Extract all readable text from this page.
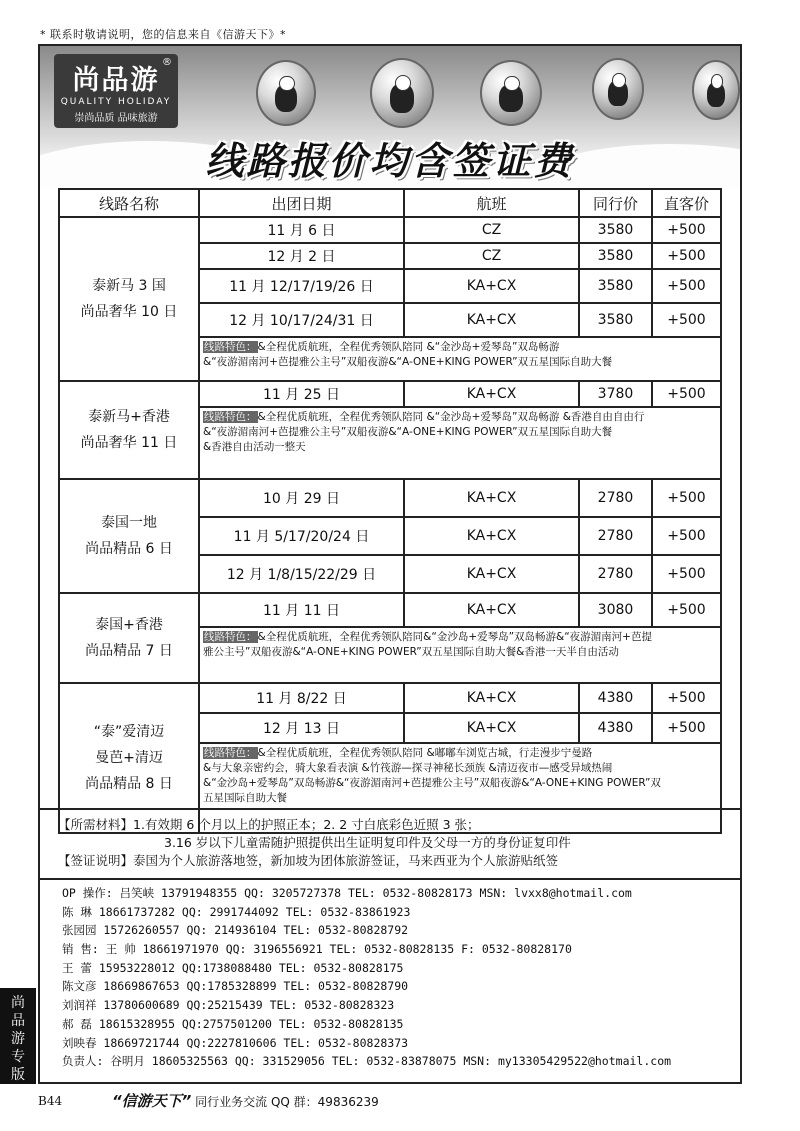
* 联系时敬请说明，您的信息来自《信游天下》*
尚品游
®
QUALITY HOLIDAY
崇尚品质 品味旅游
线路报价均含签证费
线路名称	出团日期	航班	同行价	直客价

泰新马 3 国
尚品奢华 10 日	11 月 6 日	CZ	3580	+500
	12 月 2 日	CZ	3580	+500
	11 月 12/17/19/26 日	KA+CX	3580	+500
	12 月 10/17/24/31 日	KA+CX	3580	+500

	线路特色：&全程优质航班，全程优秀领队陪同 &“金沙岛+爱琴岛”双岛畅游
&“夜游湄南河+芭提雅公主号”双船夜游&“A-ONE+KING POWER”双五星国际自助大餐			

泰新马+香港
尚品奢华 11 日	11 月 25 日	KA+CX	3780	+500

	线路特色：&全程优质航班，全程优秀领队陪同 &“金沙岛+爱琴岛”双岛畅游 &香港自由自由行
&“夜游湄南河+芭提雅公主号”双船夜游&“A-ONE+KING POWER”双五星国际自助大餐
&香港自由活动一整天			

泰国一地
尚品精品 6 日	10 月 29 日	KA+CX	2780	+500
	11 月 5/17/20/24 日	KA+CX	2780	+500
	12 月 1/8/15/22/29 日	KA+CX	2780	+500

泰国+香港
尚品精品 7 日	11 月 11 日	KA+CX	3080	+500

	线路特色：&全程优质航班，全程优秀领队陪同&“金沙岛+爱琴岛”双岛畅游&“夜游湄南河+芭提
雅公主号”双船夜游&“A-ONE+KING POWER”双五星国际自助大餐&香港一天半自由活动			

“泰”爱清迈
曼芭+清迈
尚品精品 8 日	11 月 8/22 日	KA+CX	4380	+500
	12 月 13 日	KA+CX	4380	+500

	线路特色：&全程优质航班，全程优秀领队陪同 &嘟嘟车浏览古城，行走漫步宁曼路
&与大象亲密约会，骑大象看表演 &竹筏游—探寻神秘长颈族 &清迈夜市—感受异域热闹
&“金沙岛+爱琴岛”双岛畅游&“夜游湄南河+芭提雅公主号”双船夜游&“A-ONE+KING POWER”双
五星国际自助大餐			
【所需材料】1.有效期 6 个月以上的护照正本；2. 2 寸白底彩色近照 3 张；
3.16 岁以下儿童需随护照提供出生证明复印件及父母一方的身份证复印件
【签证说明】泰国为个人旅游落地签，新加坡为团体旅游签证，马来西亚为个人旅游贴纸签
OP 操作: 吕笑峡 13791948355 QQ: 3205727378 TEL: 0532-80828173 MSN: lvxx8@hotmail.com
陈 琳 18661737282 QQ: 2991744092 TEL: 0532-83861923
张园园 15726260557 QQ: 214936104 TEL: 0532-80828792
销 售: 王 帅 18661971970 QQ: 3196556921 TEL: 0532-80828135 F: 0532-80828170
王 蕾 15953228012 QQ:1738088480 TEL: 0532-80828175
陈文彦 18669867653 QQ:1785328899 TEL: 0532-80828790
刘润祥 13780600689 QQ:25215439 TEL: 0532-80828323
郝 磊 18615328955 QQ:2757501200 TEL: 0532-80828135
刘映春 18669721744 QQ:2227810606 TEL: 0532-80828373
负责人: 谷明月 18605325563 QQ: 331529056 TEL: 0532-83878075 MSN: my13305429522@hotmail.com
尚品游专版
B44	“信游天下” 同行业务交流 QQ 群：49836239
